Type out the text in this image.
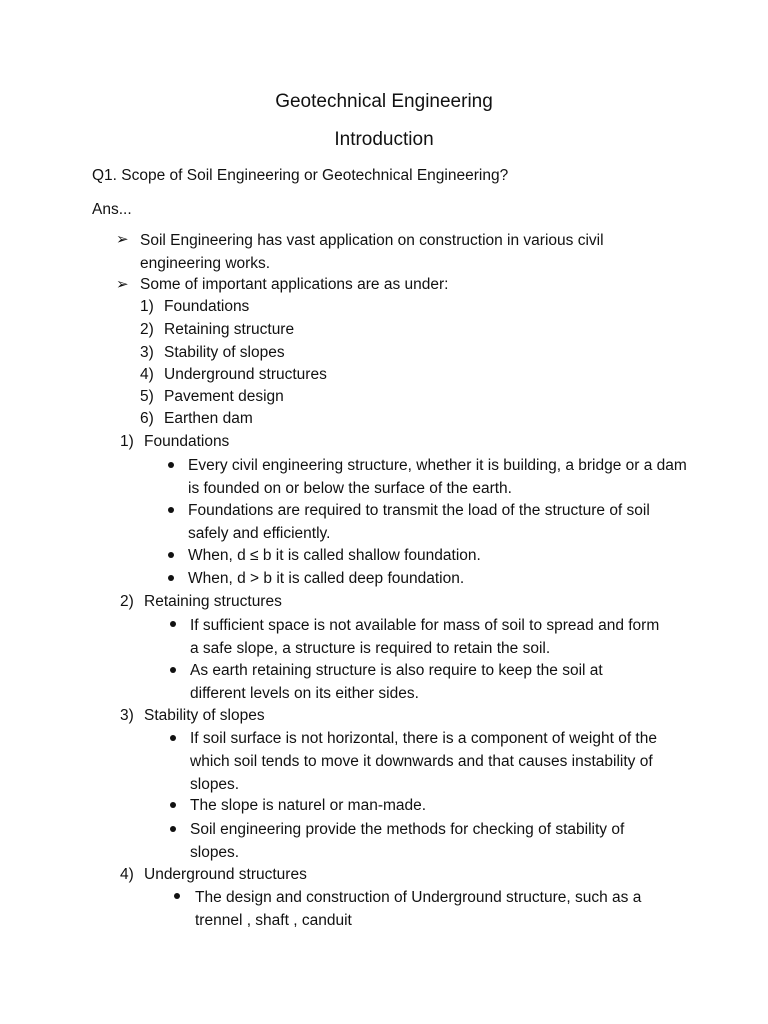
Geotechnical Engineering
Introduction
Q1. Scope of Soil Engineering or Geotechnical Engineering?
Ans...
➢ Soil Engineering has vast application on construction in various civil engineering works.
➢ Some of important applications are as under:
1) Foundations
2) Retaining structure
3) Stability of slopes
4) Underground structures
5) Pavement design
6) Earthen dam
1) Foundations
Every civil engineering structure, whether it is building, a bridge or a dam is founded on or below the surface of the earth.
Foundations are required to transmit the load of the structure of soil safely and efficiently.
When, d ≤ b it is called shallow foundation.
When, d > b it is called deep foundation.
2) Retaining structures
If sufficient space is not available for mass of soil to spread and form a safe slope, a structure is required to retain the soil.
As earth retaining structure is also require to keep the soil at different levels on its either sides.
3) Stability of slopes
If soil surface is not horizontal, there is a component of weight of the which soil tends to move it downwards and that causes instability of slopes.
The slope is naturel or man-made.
Soil engineering provide the methods for checking of stability of slopes.
4) Underground structures
The design and construction of Underground structure, such as a trennel , shaft , canduit
